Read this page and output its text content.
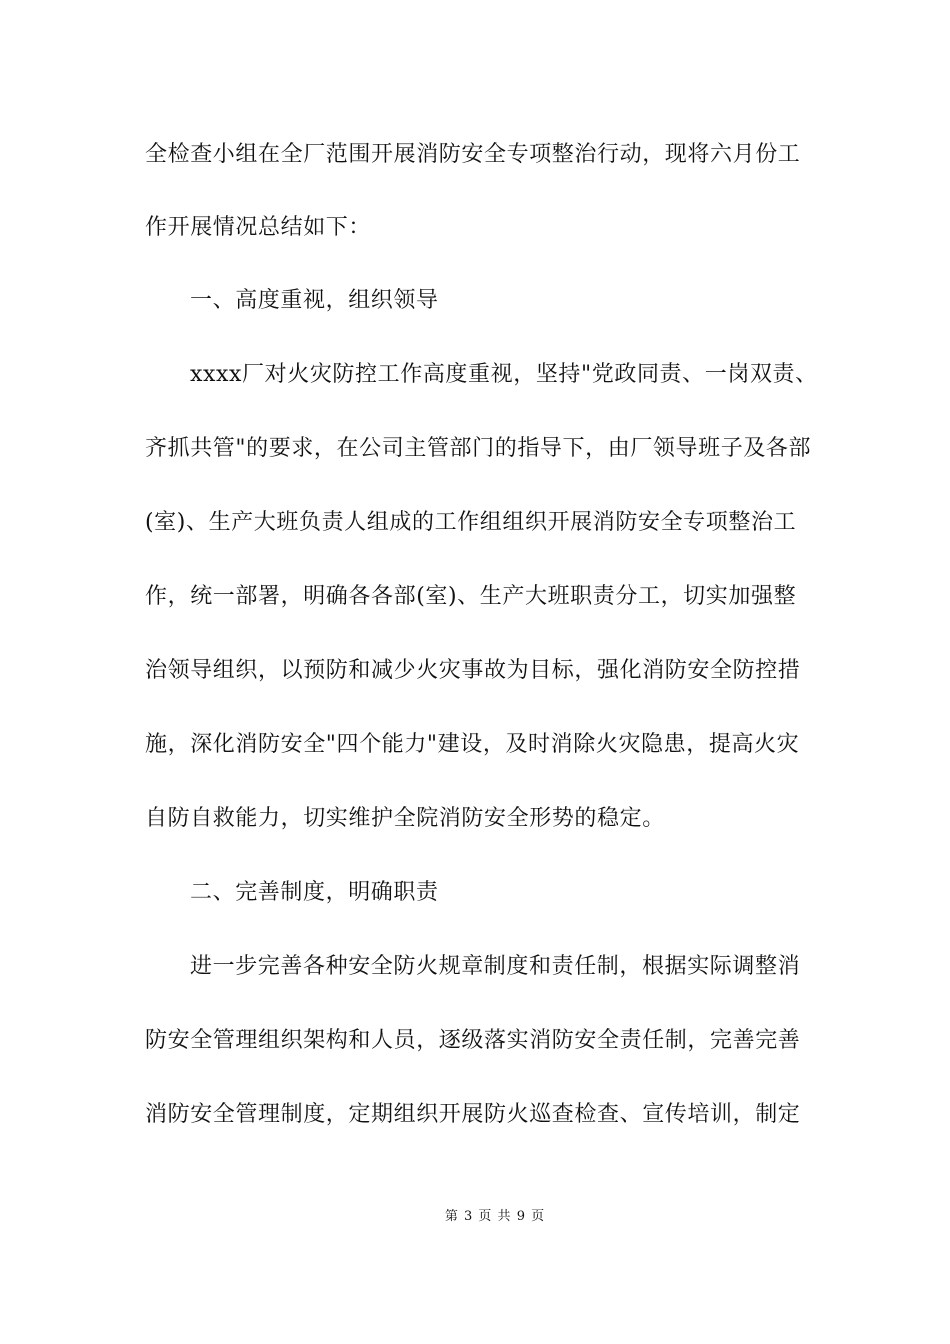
全检查小组在全厂范围开展消防安全专项整治行动，现将六月份工
作开展情况总结如下：
一、高度重视，组织领导
xxxx厂对火灾防控工作高度重视，坚持"党政同责、一岗双责、
齐抓共管"的要求，在公司主管部门的指导下，由厂领导班子及各部
(室)、生产大班负责人组成的工作组组织开展消防安全专项整治工
作，统一部署，明确各各部(室)、生产大班职责分工，切实加强整
治领导组织，以预防和减少火灾事故为目标，强化消防安全防控措
施，深化消防安全"四个能力"建设，及时消除火灾隐患，提高火灾
自防自救能力，切实维护全院消防安全形势的稳定。
二、完善制度，明确职责
进一步完善各种安全防火规章制度和责任制，根据实际调整消
防安全管理组织架构和人员，逐级落实消防安全责任制，完善完善
消防安全管理制度，定期组织开展防火巡查检查、宣传培训，制定
第 3 页 共 9 页
